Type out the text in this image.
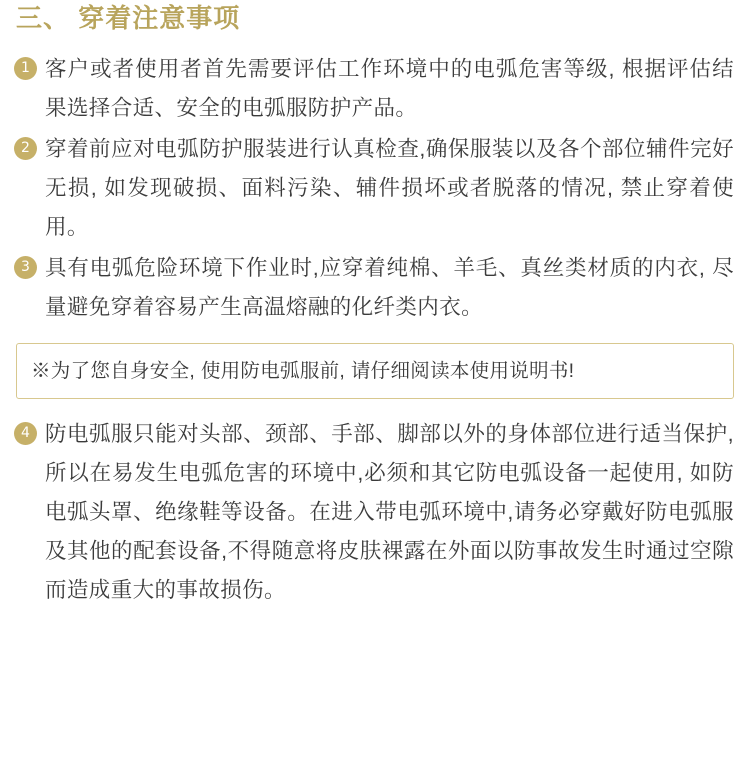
三、 穿着注意事项
1 客户或者使用者首先需要评估工作环境中的电弧危害等级, 根据评估结果选择合适、安全的电弧服防护产品。
2 穿着前应对电弧防护服装进行认真检查,确保服装以及各个部位辅件完好无损, 如发现破损、面料污染、辅件损坏或者脱落的情况, 禁止穿着使用。
3 具有电弧危险环境下作业时,应穿着纯棉、羊毛、真丝类材质的内衣, 尽量避免穿着容易产生高温熔融的化纤类内衣。
※为了您自身安全, 使用防电弧服前, 请仔细阅读本使用说明书!
4 防电弧服只能对头部、颈部、手部、脚部以外的身体部位进行适当保护,所以在易发生电弧危害的环境中,必须和其它防电弧设备一起使用, 如防电弧头罩、绝缘鞋等设备。在进入带电弧环境中,请务必穿戴好防电弧服及其他的配套设备,不得随意将皮肤裸露在外面以防事故发生时通过空隙而造成重大的事故损伤。
